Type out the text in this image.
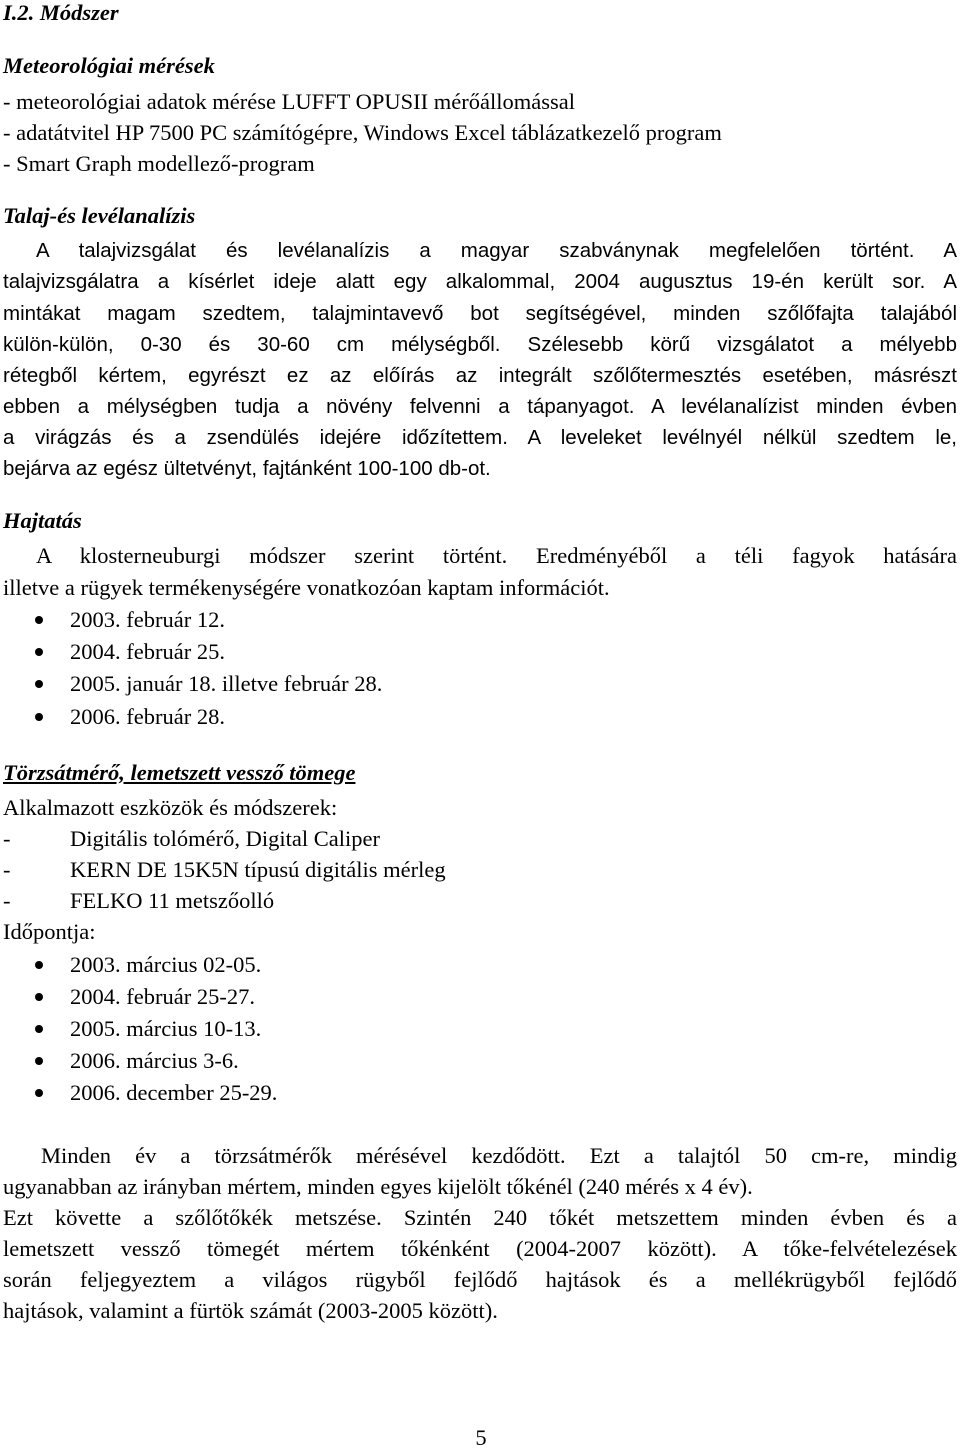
I.2. Módszer
Meteorológiai mérések
- meteorológiai adatok mérése LUFFT OPUSII mérőállomással
- adatátvitel HP 7500 PC számítógépre, Windows Excel táblázatkezelő program
- Smart Graph modellező-program
Talaj-és levélanalízis
A talajvizsgálat és levélanalízis a magyar szabványnak megfelelően történt. A
talajvizsgálatra a kísérlet ideje alatt egy alkalommal, 2004 augusztus 19-én került sor. A
mintákat magam szedtem, talajmintavevő bot segítségével, minden szőlőfajta talajából
külön-külön, 0-30 és 30-60 cm mélységből. Szélesebb körű vizsgálatot a mélyebb
rétegből kértem, egyrészt ez az előírás az integrált szőlőtermesztés esetében, másrészt
ebben a mélységben tudja a növény felvenni a tápanyagot. A levélanalízist minden évben
a virágzás és a zsendülés idejére időzítettem. A leveleket levélnyél nélkül szedtem le,
bejárva az egész ültetvényt, fajtánként 100-100 db-ot.
Hajtatás
A klosterneuburgi módszer szerint történt. Eredményéből a téli fagyok hatására
illetve a rügyek termékenységére vonatkozóan kaptam információt.
2003. február 12.
2004. február 25.
2005. január 18. illetve február 28.
2006. február 28.
Törzsátmérő, lemetszett vessző tömege
Alkalmazott eszközök és módszerek:
-	Digitális tolómérő, Digital Caliper
-	KERN DE 15K5N típusú digitális mérleg
-	FELKO 11 metszőolló
Időpontja:
2003. március 02-05.
2004. február 25-27.
2005. március 10-13.
2006. március 3-6.
2006. december 25-29.
Minden év a törzsátmérők mérésével kezdődött. Ezt a talajtól 50 cm-re, mindig
ugyanabban az irányban mértem, minden egyes kijelölt tőkénél (240 mérés x 4 év).
Ezt követte a szőlőtőkék metszése. Szintén 240 tőkét metszettem minden évben és a
lemetszett vessző tömegét mértem tőkénként (2004-2007 között). A tőke-felvételezések
során feljegyeztem a világos rügyből fejlődő hajtások és a mellékrügyből fejlődő
hajtások, valamint a fürtök számát (2003-2005 között).
5
